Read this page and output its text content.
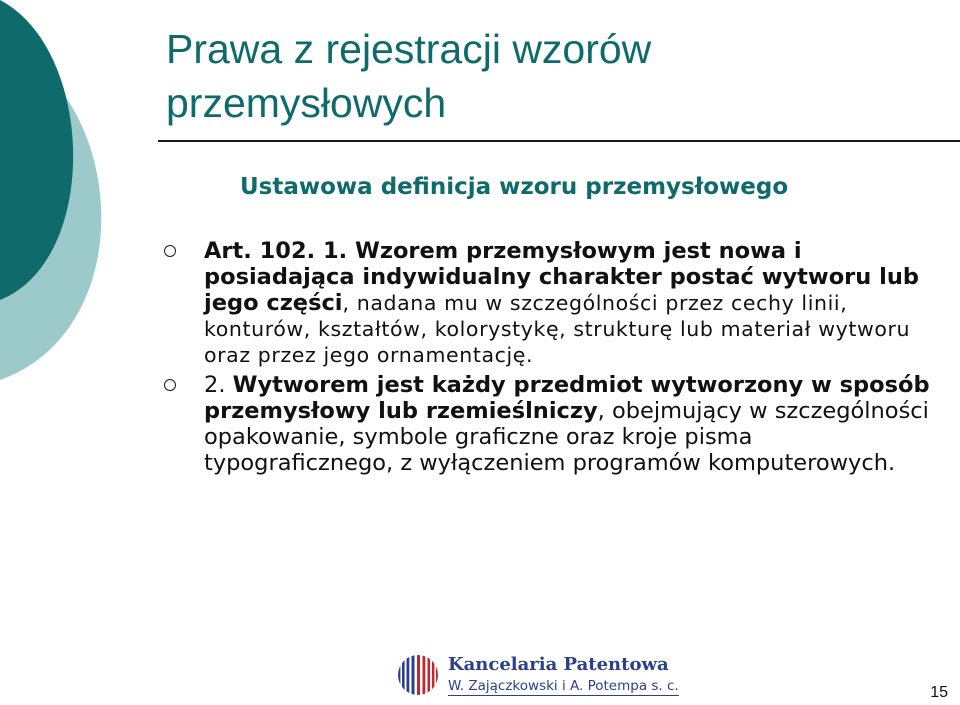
Prawa z rejestracji wzorów przemysłowych
Ustawowa definicja wzoru przemysłowego
Art. 102. 1. Wzorem przemysłowym jest nowa i posiadająca indywidualny charakter postać wytworu lub jego części, nadana mu w szczególności przez cechy linii, konturów, kształtów, kolorystykę, strukturę lub materiał wytworu oraz przez jego ornamentację.
2. Wytworem jest każdy przedmiot wytworzony w sposób przemysłowy lub rzemieślniczy, obejmujący w szczególności opakowanie, symbole graficzne oraz kroje pisma typograficznego, z wyłączeniem programów komputerowych.
Kancelaria Patentowa
W. Zajączkowski i A. Potempa s. c.	15
